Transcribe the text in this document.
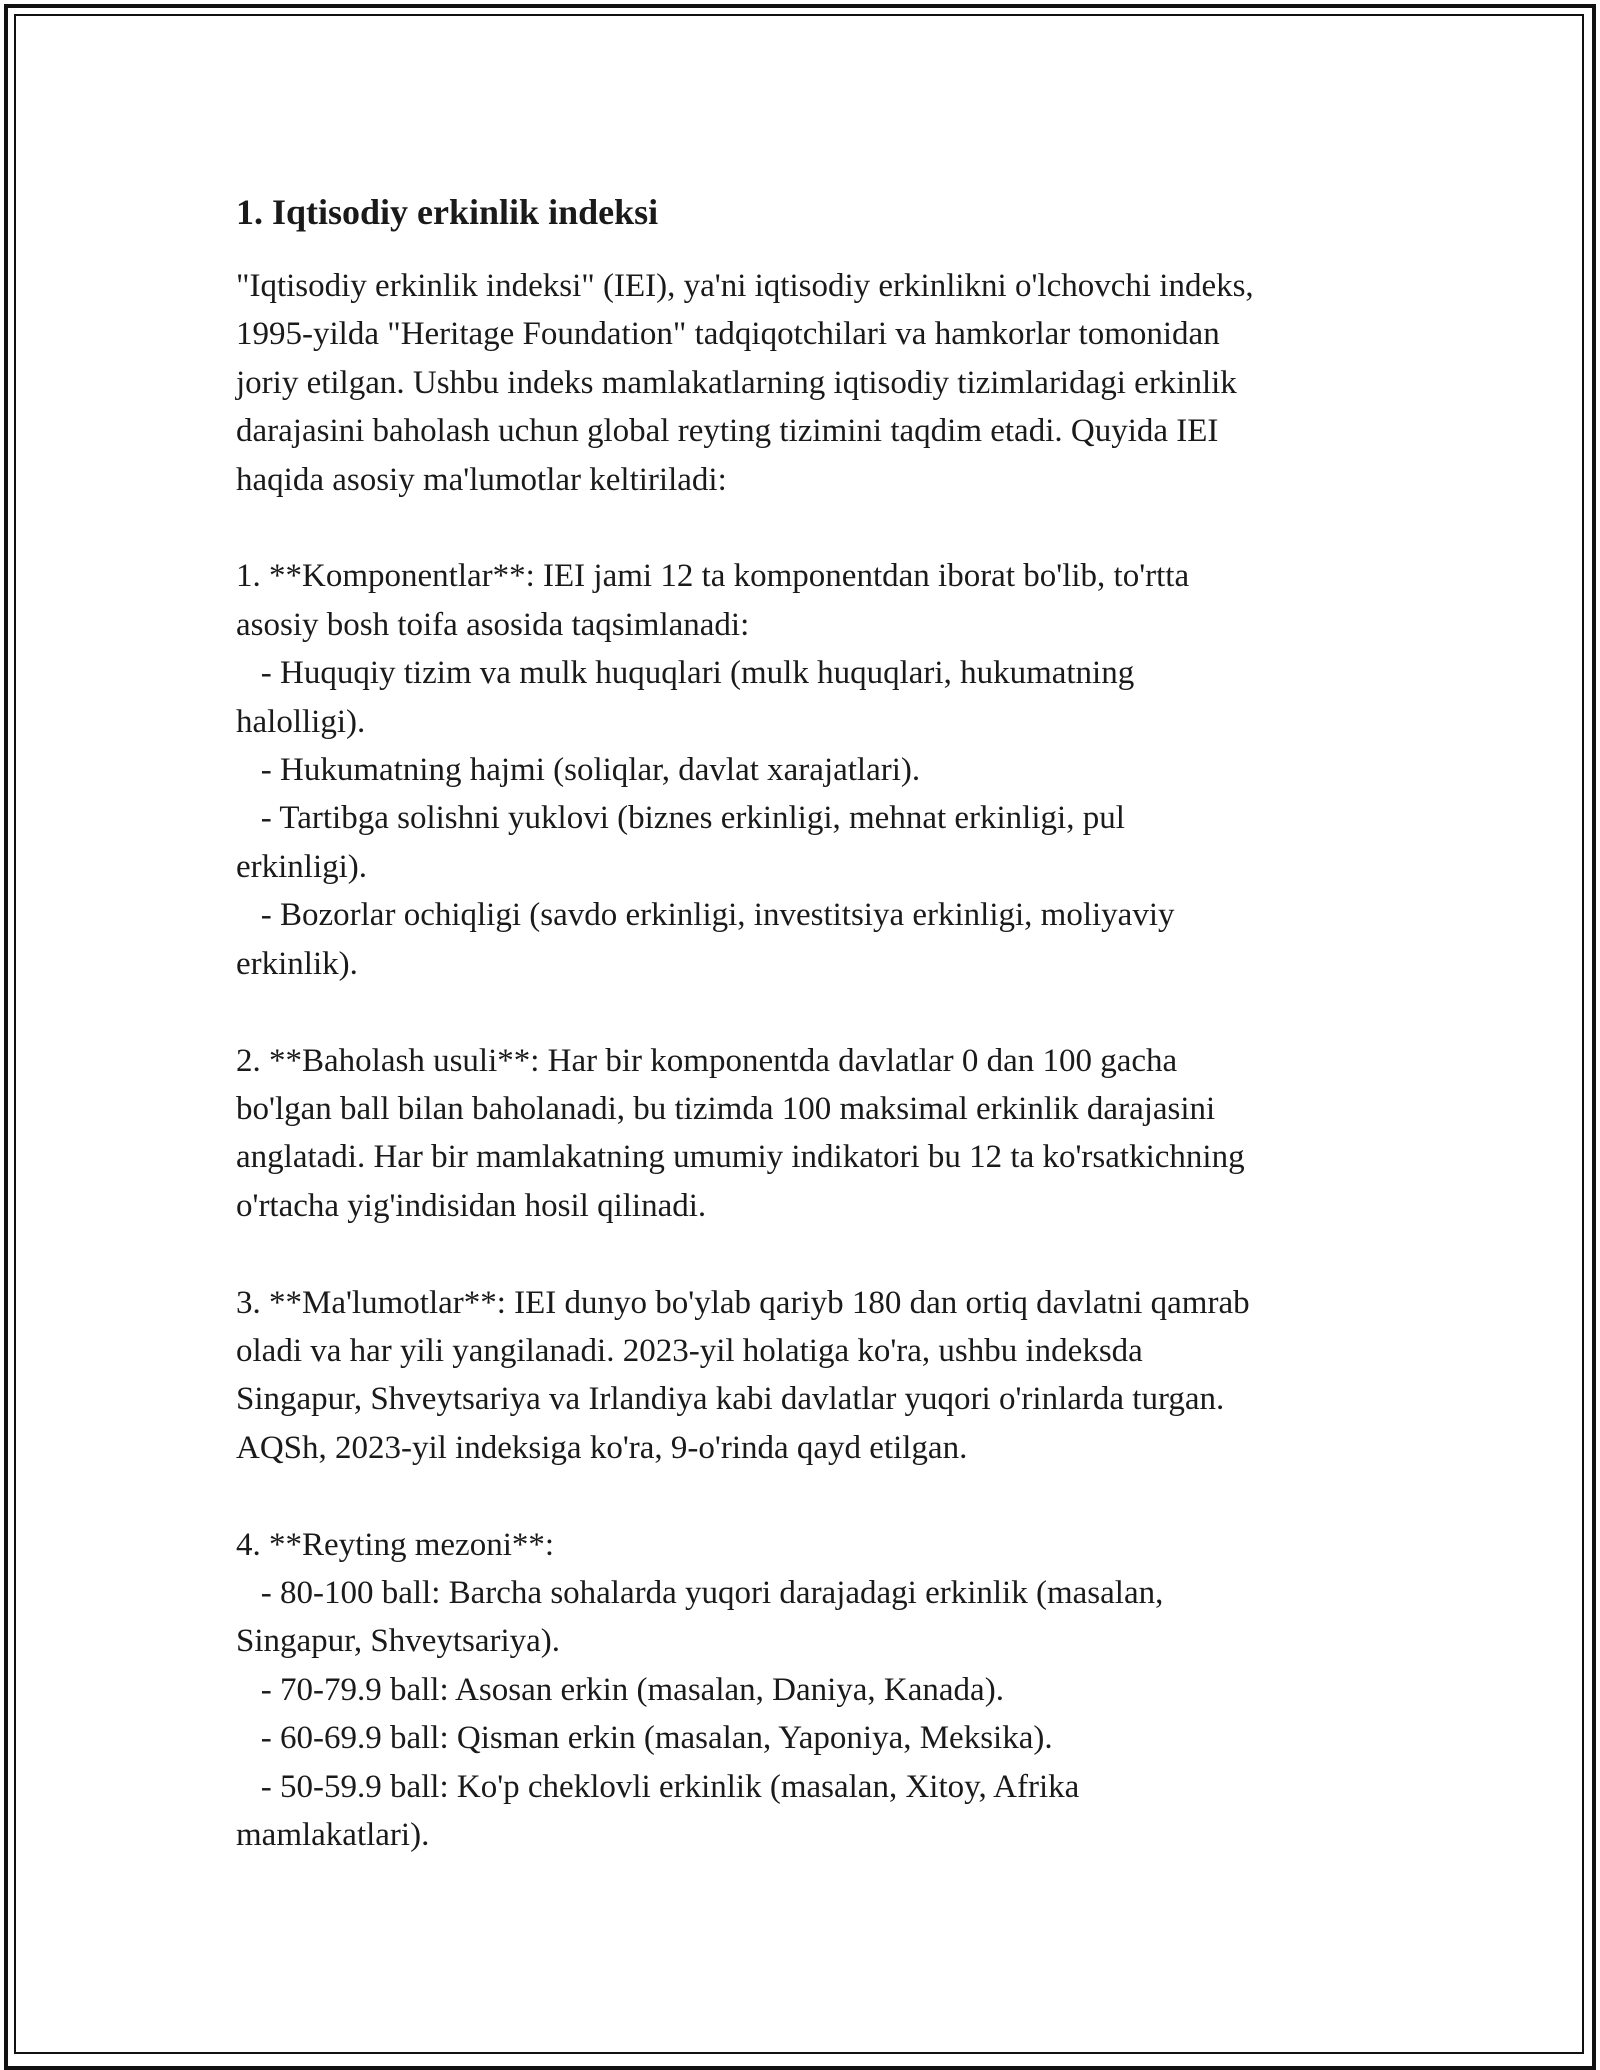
1. Iqtisodiy erkinlik indeksi

"Iqtisodiy erkinlik indeksi" (IEI), ya'ni iqtisodiy erkinlikni o'lchovchi indeks,
1995-yilda "Heritage Foundation" tadqiqotchilari va hamkorlar tomonidan
joriy etilgan. Ushbu indeks mamlakatlarning iqtisodiy tizimlaridagi erkinlik
darajasini baholash uchun global reyting tizimini taqdim etadi. Quyida IEI
haqida asosiy ma'lumotlar keltiriladi:

1. **Komponentlar**: IEI jami 12 ta komponentdan iborat bo'lib, to'rtta
asosiy bosh toifa asosida taqsimlanadi:
- Huquqiy tizim va mulk huquqlari (mulk huquqlari, hukumatning
halolligi).
- Hukumatning hajmi (soliqlar, davlat xarajatlari).
- Tartibga solishni yuklovi (biznes erkinligi, mehnat erkinligi, pul
erkinligi).
- Bozorlar ochiqligi (savdo erkinligi, investitsiya erkinligi, moliyaviy
erkinlik).

2. **Baholash usuli**: Har bir komponentda davlatlar 0 dan 100 gacha
bo'lgan ball bilan baholanadi, bu tizimda 100 maksimal erkinlik darajasini
anglatadi. Har bir mamlakatning umumiy indikatori bu 12 ta ko'rsatkichning
o'rtacha yig'indisidan hosil qilinadi.

3. **Ma'lumotlar**: IEI dunyo bo'ylab qariyb 180 dan ortiq davlatni qamrab
oladi va har yili yangilanadi. 2023-yil holatiga ko'ra, ushbu indeksda
Singapur, Shveytsariya va Irlandiya kabi davlatlar yuqori o'rinlarda turgan.
AQSh, 2023-yil indeksiga ko'ra, 9-o'rinda qayd etilgan.

4. **Reyting mezoni**:
- 80-100 ball: Barcha sohalarda yuqori darajadagi erkinlik (masalan,
Singapur, Shveytsariya).
- 70-79.9 ball: Asosan erkin (masalan, Daniya, Kanada).
- 60-69.9 ball: Qisman erkin (masalan, Yaponiya, Meksika).
- 50-59.9 ball: Ko'p cheklovli erkinlik (masalan, Xitoy, Afrika
mamlakatlari).
